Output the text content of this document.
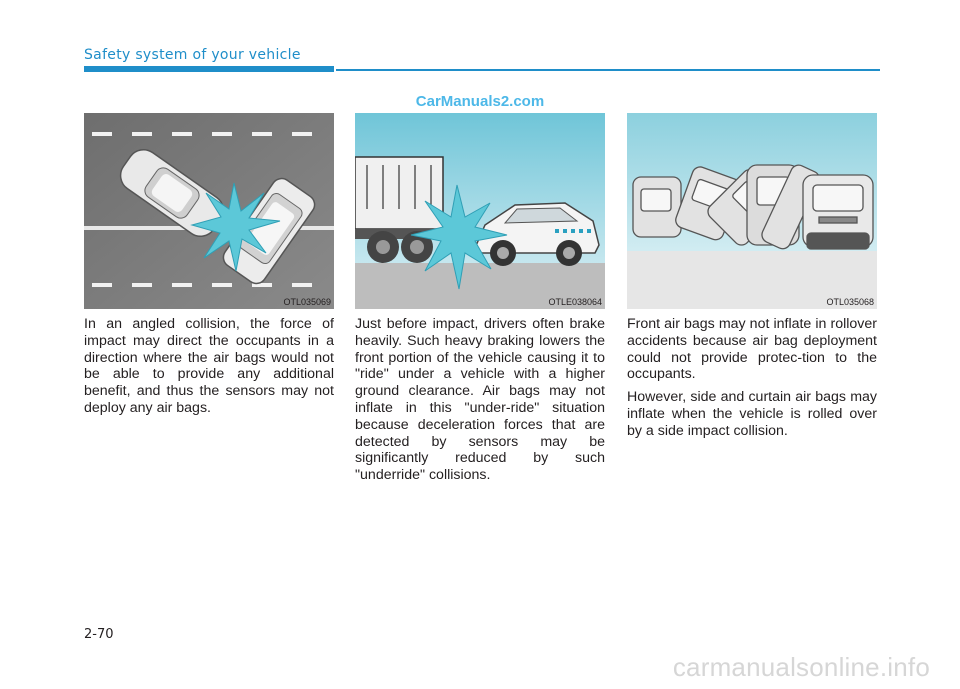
Safety system of your vehicle
CarManuals2.com
OTL035069	OTLE038064	OTL035068

In an angled collision, the force of impact may direct the occupants in a direction where the air bags would not be able to provide any additional benefit, and thus the sensors may not deploy any air bags.

Just before impact, drivers often brake heavily. Such heavy braking lowers the front portion of the vehicle causing it to "ride" under a vehicle with a higher ground clearance. Air bags may not inflate in this "under-ride" situation because deceleration forces that are detected by sensors may be significantly reduced by such "underride" collisions.

Front air bags may not inflate in rollover accidents because air bag deployment could not provide protec-tion to the occupants.

However, side and curtain air bags may inflate when the vehicle is rolled over by a side impact collision.

2-70
carmanualsonline.info
